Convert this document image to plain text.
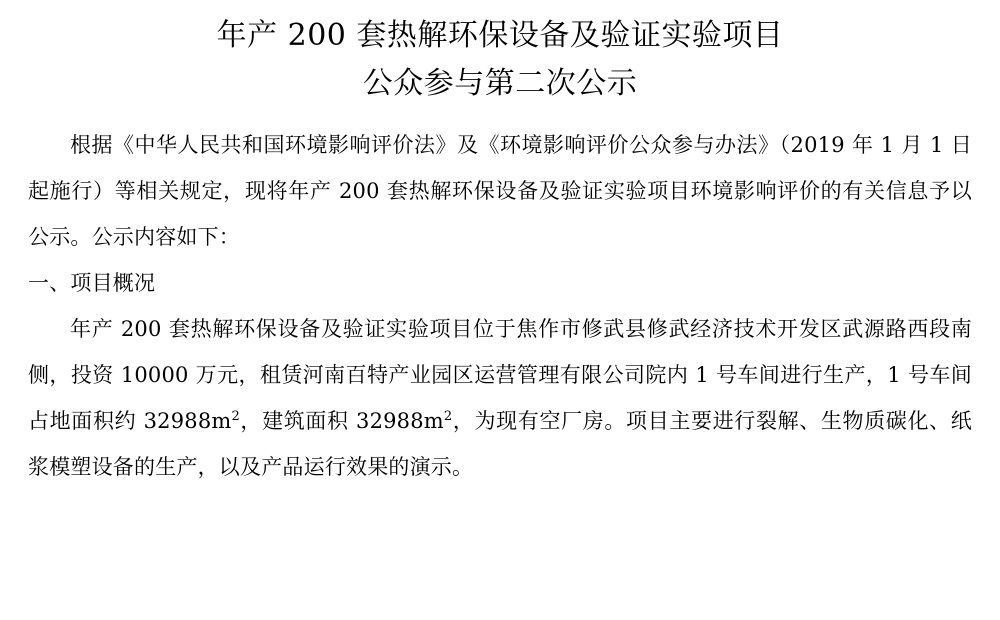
年产 200 套热解环保设备及验证实验项目
公众参与第二次公示

根据《中华人民共和国环境影响评价法》及《环境影响评价公众参与办法》（2019 年 1 月 1 日起施行）等相关规定，现将年产 200 套热解环保设备及验证实验项目环境影响评价的有关信息予以公示。公示内容如下：

一、项目概况

年产 200 套热解环保设备及验证实验项目位于焦作市修武县修武经济技术开发区武源路西段南侧，投资 10000 万元，租赁河南百特产业园区运营管理有限公司院内 1 号车间进行生产，1 号车间占地面积约 $32988m^2$，建筑面积 $32988m^2$，为现有空厂房。项目主要进行裂解、生物质碳化、纸浆模塑设备的生产，以及产品运行效果的演示。
